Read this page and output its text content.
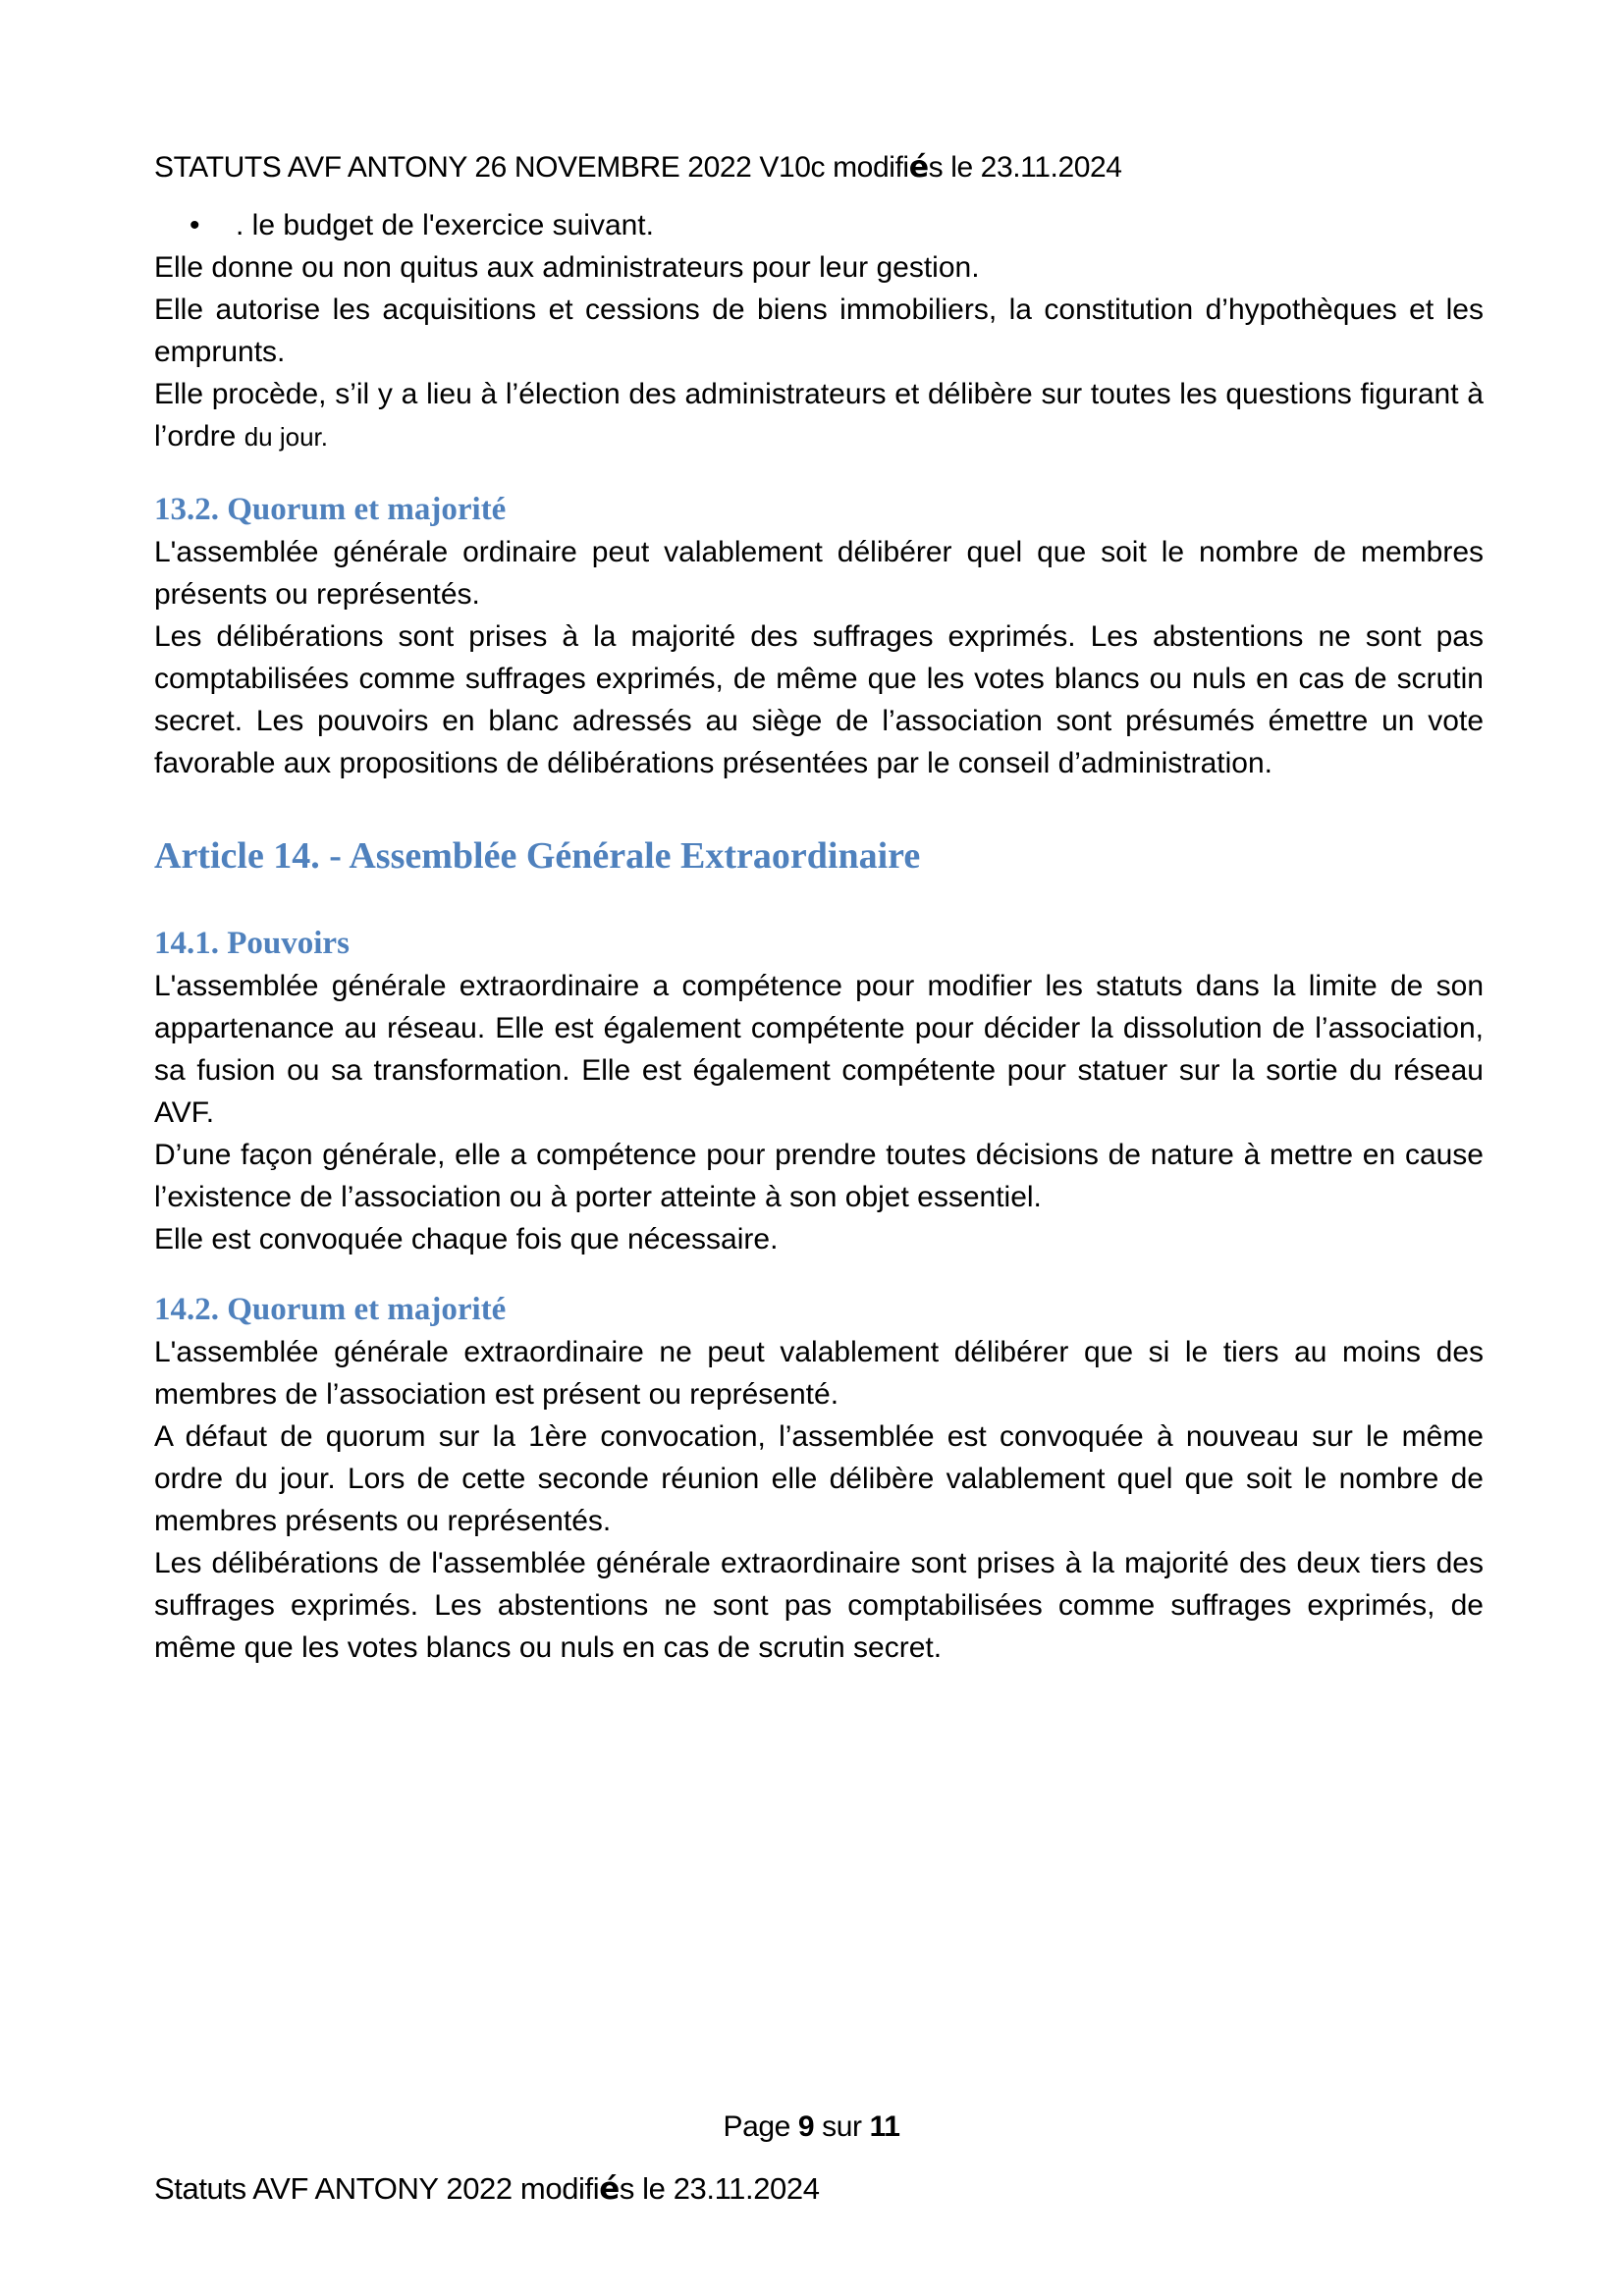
STATUTS AVF ANTONY 26 NOVEMBRE 2022 V10c modifiés le 23.11.2024
•	. le budget de l'exercice suivant.

Elle donne ou non quitus aux administrateurs pour leur gestion.

Elle autorise les acquisitions et cessions de biens immobiliers, la constitution d’hypothèques et les emprunts.

Elle procède, s’il y a lieu à l’élection des administrateurs et délibère sur toutes les questions figurant à l’ordre du jour.

13.2. Quorum et majorité

L'assemblée générale ordinaire peut valablement délibérer quel que soit le nombre de membres présents ou représentés.

Les délibérations sont prises à la majorité des suffrages exprimés. Les abstentions ne sont pas comptabilisées comme suffrages exprimés, de même que les votes blancs ou nuls en cas de scrutin secret. Les pouvoirs en blanc adressés au siège de l’association sont présumés émettre un vote favorable aux propositions de délibérations présentées par le conseil d’administration.

Article 14. - Assemblée Générale Extraordinaire
14.1. Pouvoirs

L'assemblée générale extraordinaire a compétence pour modifier les statuts dans la limite de son appartenance au réseau. Elle est également compétente pour décider la dissolution de l’association, sa fusion ou sa transformation. Elle est également compétente pour statuer sur la sortie du réseau AVF.

D’une façon générale, elle a compétence pour prendre toutes décisions de nature à mettre en cause l’existence de l’association ou à porter atteinte à son objet essentiel.

Elle est convoquée chaque fois que nécessaire.

14.2. Quorum et majorité

L'assemblée générale extraordinaire ne peut valablement délibérer que si le tiers au moins des membres de l’association est présent ou représenté.

A défaut de quorum sur la 1ère convocation, l’assemblée est convoquée à nouveau sur le même ordre du jour. Lors de cette seconde réunion elle délibère valablement quel que soit le nombre de membres présents ou représentés.

Les délibérations de l'assemblée générale extraordinaire sont prises à la majorité des deux tiers des suffrages exprimés. Les abstentions ne sont pas comptabilisées comme suffrages exprimés, de même que les votes blancs ou nuls en cas de scrutin secret.

Page 9 sur 11
Statuts AVF ANTONY 2022 modifiés le 23.11.2024
